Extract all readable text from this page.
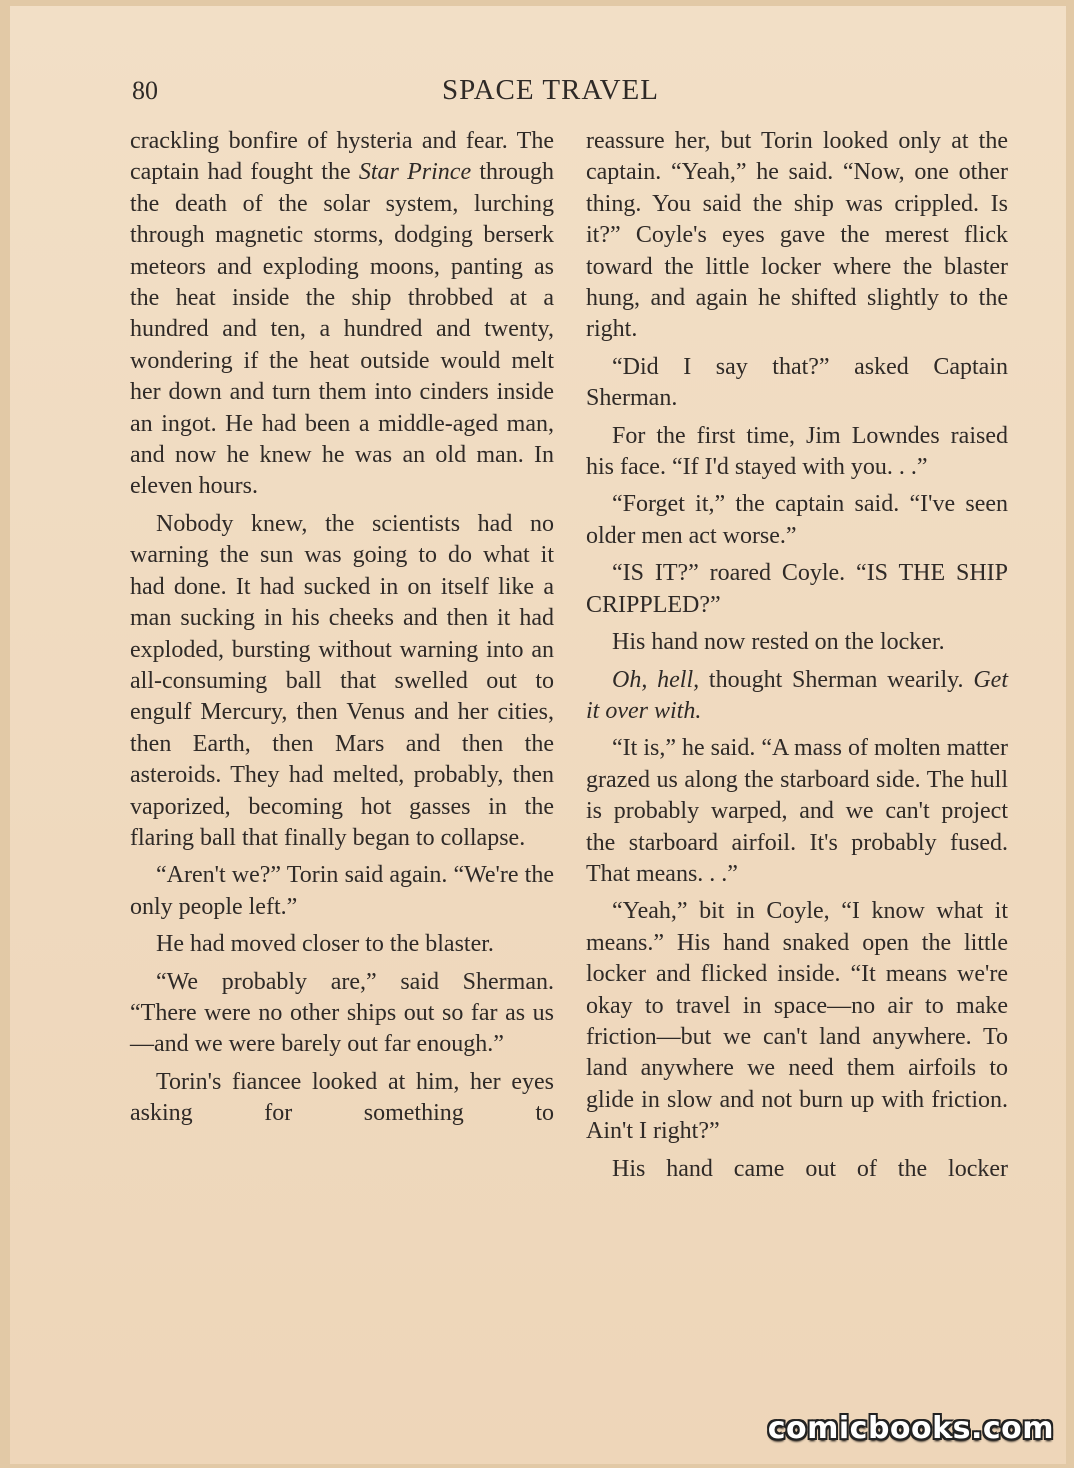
80	SPACE TRAVEL

crackling bonfire of hysteria and fear. The captain had fought the Star Prince through the death of the solar system, lurching through magnetic storms, dodging berserk meteors and exploding moons, panting as the heat inside the ship throbbed at a hundred and ten, a hundred and twenty, wondering if the heat outside would melt her down and turn them into cinders inside an ingot. He had been a middle-aged man, and now he knew he was an old man. In eleven hours.

Nobody knew, the scientists had no warning the sun was going to do what it had done. It had sucked in on itself like a man sucking in his cheeks and then it had exploded, bursting without warning into an all-consuming ball that swelled out to engulf Mercury, then Venus and her cities, then Earth, then Mars and then the asteroids. They had melted, probably, then vaporized, becoming hot gasses in the flaring ball that finally began to collapse.

“Aren't we?” Torin said again. “We're the only people left.”

He had moved closer to the blaster.

“We probably are,” said Sherman. “There were no other ships out so far as us—and we were barely out far enough.”

Torin's fiancee looked at him, her eyes asking for something to

reassure her, but Torin looked only at the captain. “Yeah,” he said. “Now, one other thing. You said the ship was crippled. Is it?” Coyle's eyes gave the merest flick toward the little locker where the blaster hung, and again he shifted slightly to the right.

“Did I say that?” asked Captain Sherman.

For the first time, Jim Lowndes raised his face. “If I'd stayed with you. . .”

“Forget it,” the captain said. “I've seen older men act worse.”

“IS IT?” roared Coyle. “IS THE SHIP CRIPPLED?”

His hand now rested on the locker.

Oh, hell, thought Sherman wearily. Get it over with.

“It is,” he said. “A mass of molten matter grazed us along the starboard side. The hull is probably warped, and we can't project the starboard airfoil. It's probably fused. That means. . .”

“Yeah,” bit in Coyle, “I know what it means.” His hand snaked open the little locker and flicked inside. “It means we're okay to travel in space—no air to make friction—but we can't land anywhere. To land anywhere we need them airfoils to glide in slow and not burn up with friction. Ain't I right?”

His hand came out of the locker

comicbooks.com
